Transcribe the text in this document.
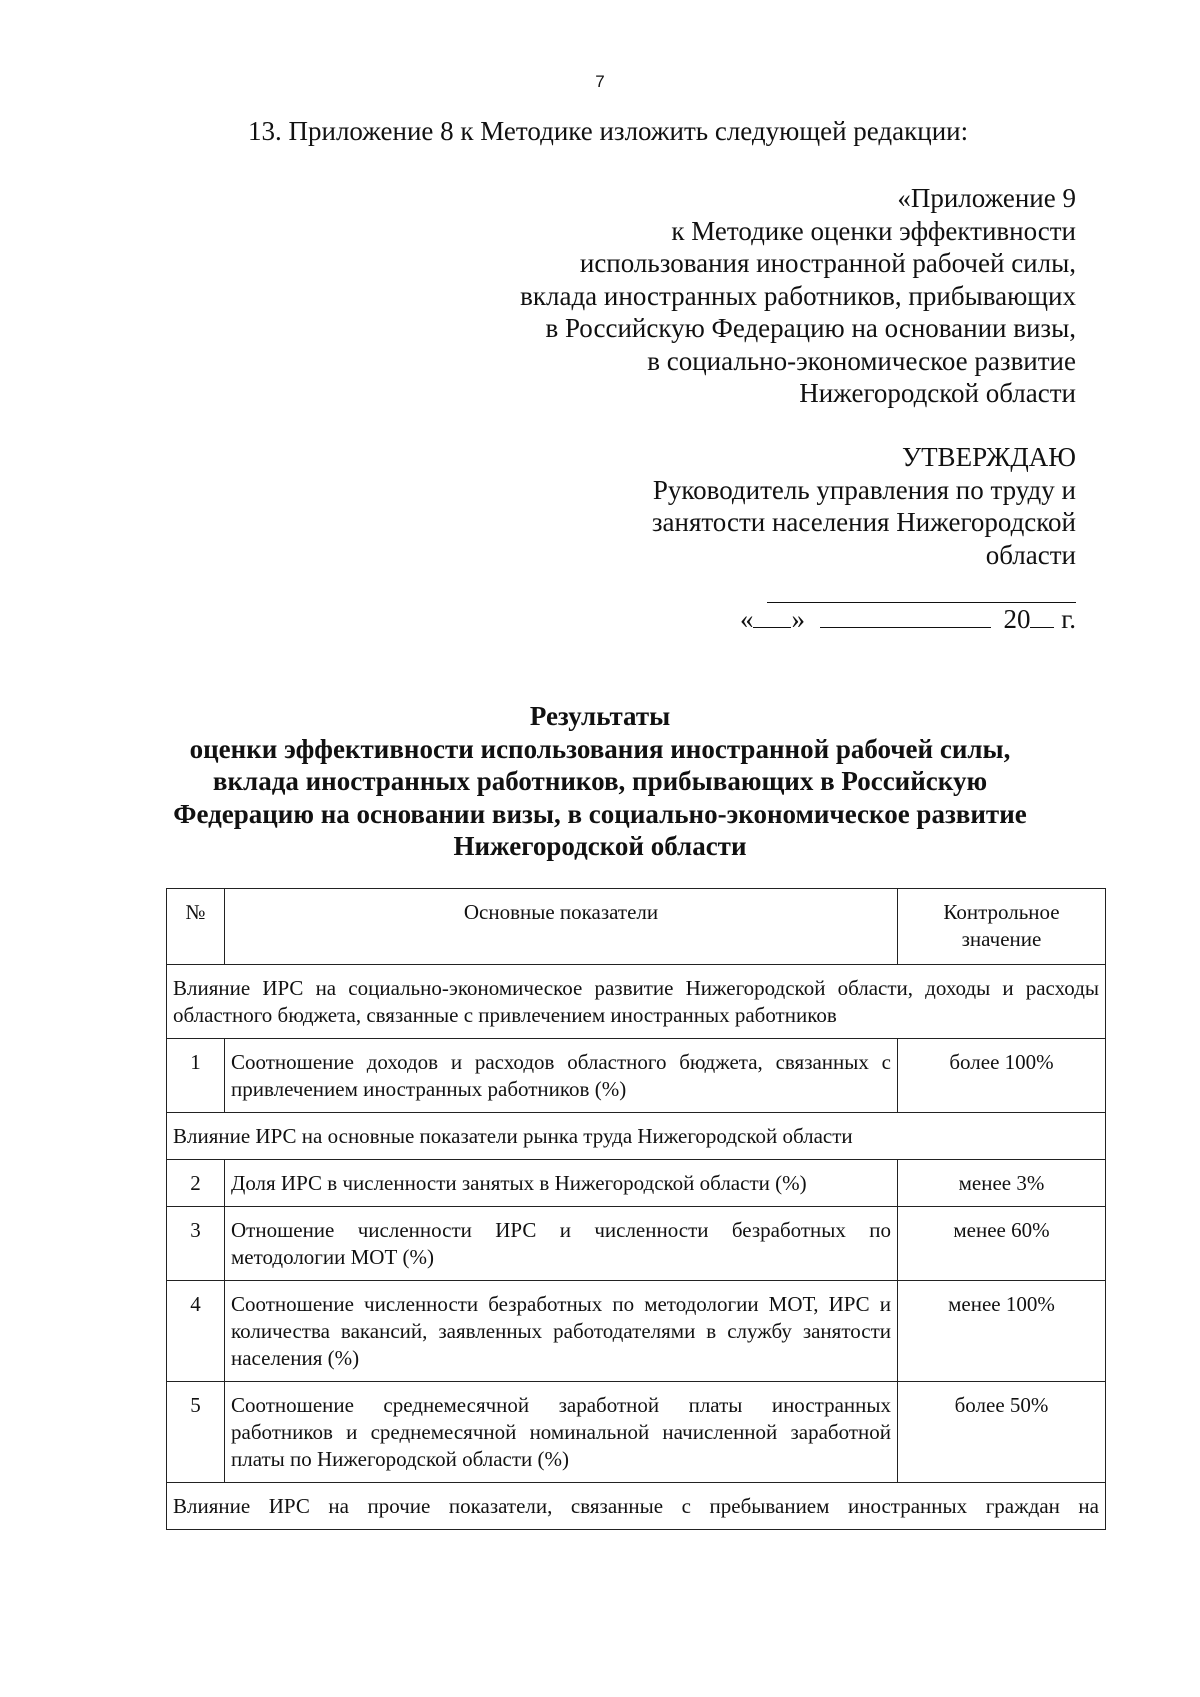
7
13. Приложение 8 к Методике изложить следующей редакции:
«Приложение 9
к Методике оценки эффективности
использования иностранной рабочей силы,
вклада иностранных работников, прибывающих
в Российскую Федерацию на основании визы,
в социально-экономическое развитие
Нижегородской области
УТВЕРЖДАЮ
Руководитель управления по труду и
занятости населения Нижегородской
области
« »	20 г.
Результаты
оценки эффективности использования иностранной рабочей силы,
вклада иностранных работников, прибывающих в Российскую
Федерацию на основании визы, в социально-экономическое развитие
Нижегородской области
№	Основные показатели	Контрольное значение
Влияние ИРС на социально-экономическое развитие Нижегородской области, доходы и расходы областного бюджета, связанные с привлечением иностранных работников		
1	Соотношение доходов и расходов областного бюджета, связанных с привлечением иностранных работников (%)	более 100%
Влияние ИРС на основные показатели рынка труда Нижегородской области		
2	Доля ИРС в численности занятых в Нижегородской области (%)	менее 3%
3	Отношение численности ИРС и численности безработных по методологии МОТ (%)	менее 60%
4	Соотношение численности безработных по методологии МОТ, ИРС и количества вакансий, заявленных работодателями в службу занятости населения (%)	менее 100%
5	Соотношение среднемесячной заработной платы иностранных работников и среднемесячной номинальной начисленной заработной платы по Нижегородской области (%)	более 50%
Влияние ИРС на прочие показатели, связанные с пребыванием иностранных граждан на		
